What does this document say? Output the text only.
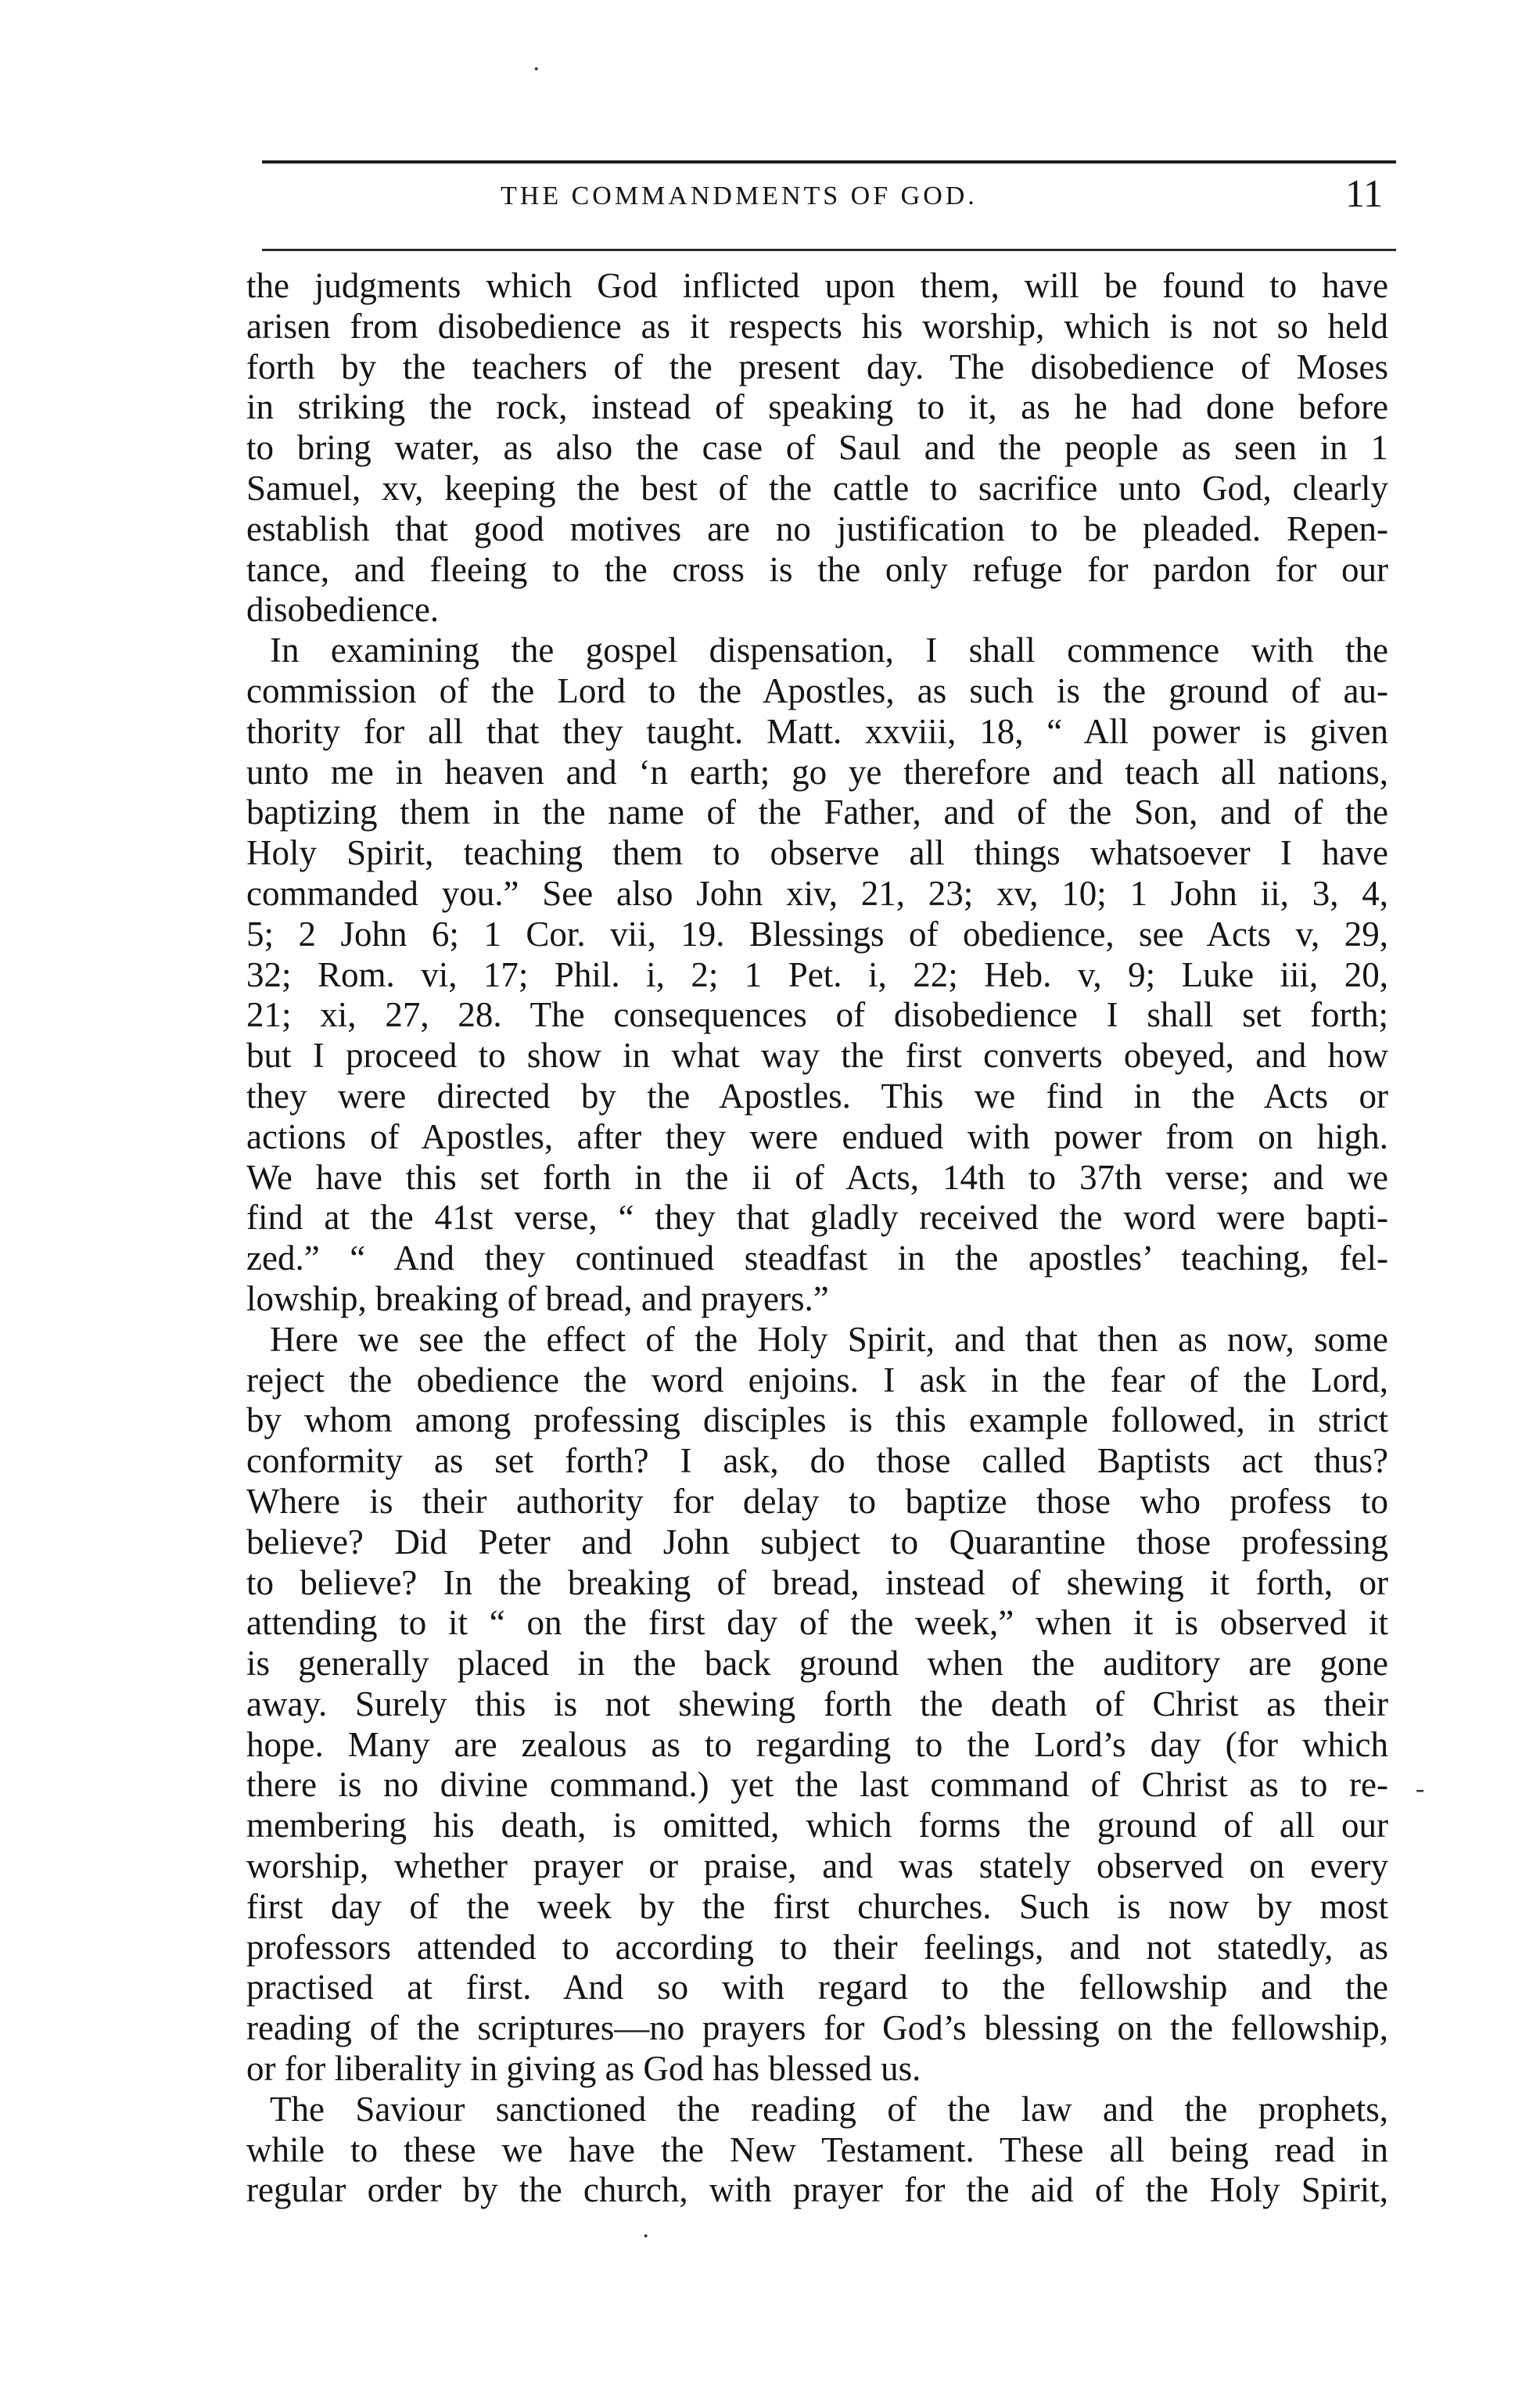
THE COMMANDMENTS OF GOD.	11
the judgments which God inflicted upon them, will be found to have
arisen from disobedience as it respects his worship, which is not so held
forth by the teachers of the present day. The disobedience of Moses
in striking the rock, instead of speaking to it, as he had done before
to bring water, as also the case of Saul and the people as seen in 1
Samuel, xv, keeping the best of the cattle to sacrifice unto God, clearly
establish that good motives are no justification to be pleaded. Repen-
tance, and fleeing to the cross is the only refuge for pardon for our
disobedience.
In examining the gospel dispensation, I shall commence with the
commission of the Lord to the Apostles, as such is the ground of au-
thority for all that they taught. Matt. xxviii, 18, “ All power is given
unto me in heaven and ‘n earth; go ye therefore and teach all nations,
baptizing them in the name of the Father, and of the Son, and of the
Holy Spirit, teaching them to observe all things whatsoever I have
commanded you.” See also John xiv, 21, 23; xv, 10; 1 John ii, 3, 4,
5; 2 John 6; 1 Cor. vii, 19. Blessings of obedience, see Acts v, 29,
32; Rom. vi, 17; Phil. i, 2; 1 Pet. i, 22; Heb. v, 9; Luke iii, 20,
21; xi, 27, 28. The consequences of disobedience I shall set forth;
but I proceed to show in what way the first converts obeyed, and how
they were directed by the Apostles. This we find in the Acts or
actions of Apostles, after they were endued with power from on high.
We have this set forth in the ii of Acts, 14th to 37th verse; and we
find at the 41st verse, “ they that gladly received the word were bapti-
zed.” “ And they continued steadfast in the apostles’ teaching, fel-
lowship, breaking of bread, and prayers.”
Here we see the effect of the Holy Spirit, and that then as now, some
reject the obedience the word enjoins. I ask in the fear of the Lord,
by whom among professing disciples is this example followed, in strict
conformity as set forth? I ask, do those called Baptists act thus?
Where is their authority for delay to baptize those who profess to
believe? Did Peter and John subject to Quarantine those professing
to believe? In the breaking of bread, instead of shewing it forth, or
attending to it “ on the first day of the week,” when it is observed it
is generally placed in the back ground when the auditory are gone
away. Surely this is not shewing forth the death of Christ as their
hope. Many are zealous as to regarding to the Lord’s day (for which
there is no divine command.) yet the last command of Christ as to re-
membering his death, is omitted, which forms the ground of all our
worship, whether prayer or praise, and was stately observed on every
first day of the week by the first churches. Such is now by most
professors attended to according to their feelings, and not statedly, as
practised at first. And so with regard to the fellowship and the
reading of the scriptures—no prayers for God’s blessing on the fellowship,
or for liberality in giving as God has blessed us.
The Saviour sanctioned the reading of the law and the prophets,
while to these we have the New Testament. These all being read in
regular order by the church, with prayer for the aid of the Holy Spirit,
·
-
·
